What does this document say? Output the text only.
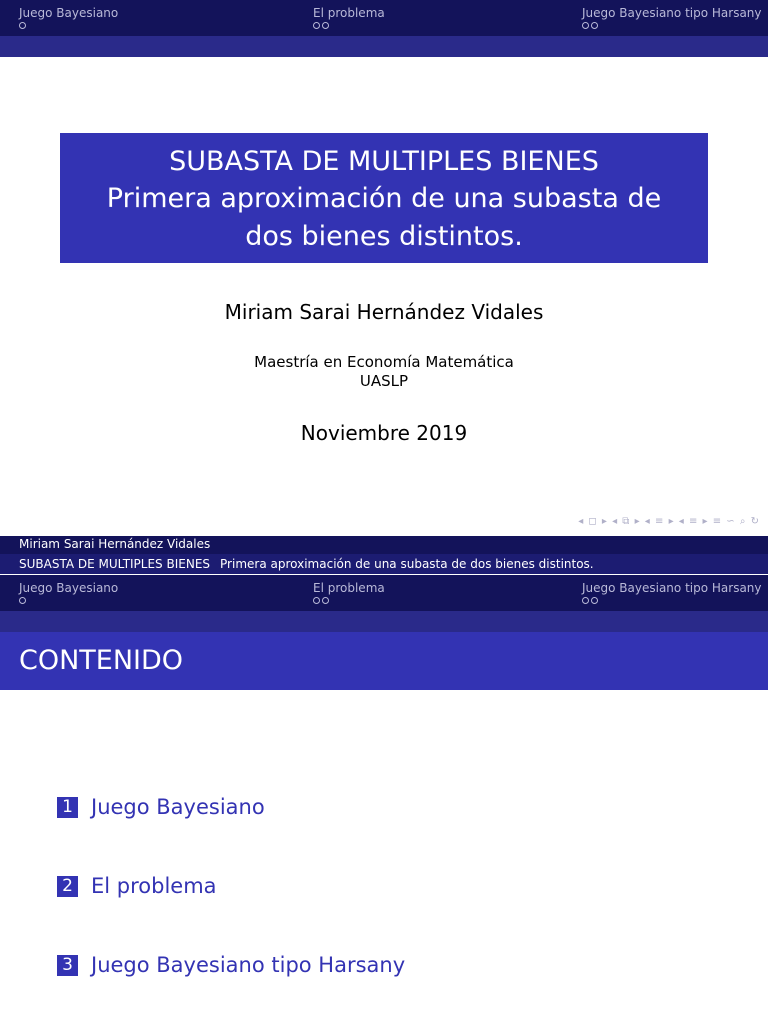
Juego Bayesiano	El problema	Juego Bayesiano tipo Harsany
SUBASTA DE MULTIPLES BIENES
Primera aproximación de una subasta de dos bienes distintos.
Miriam Sarai Hernández Vidales
Maestría en Economía Matemática
UASLP
Noviembre 2019
◂ ◻ ▸ ◂ ⧉ ▸ ◂ ≡ ▸ ◂ ≡ ▸ ≡ ∽ ⌕ ↻
Miriam Sarai Hernández Vidales
SUBASTA DE MULTIPLES BIENES Primera aproximación de una subasta de dos bienes distintos.
Juego Bayesiano	El problema	Juego Bayesiano tipo Harsany
CONTENIDO
1 Juego Bayesiano
2 El problema
3 Juego Bayesiano tipo Harsany
